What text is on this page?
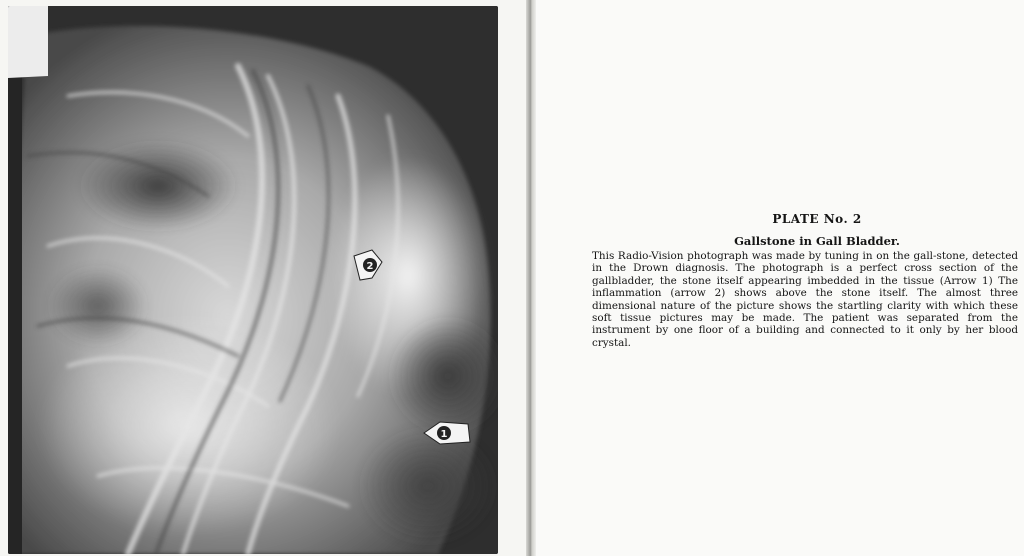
2
1

PLATE No. 2

Gallstone in Gall Bladder.

This Radio-Vision photograph was made by tuning in on the gall-stone, detected in the Drown diagnosis. The photograph is a perfect cross section of the gallbladder, the stone itself appearing imbedded in the tissue (Arrow 1) The inflammation (arrow 2) shows above the stone itself. The almost three dimensional nature of the picture shows the startling clarity with which these soft tissue pictures may be made. The patient was separated from the instrument by one floor of a building and connected to it only by her blood crystal.
